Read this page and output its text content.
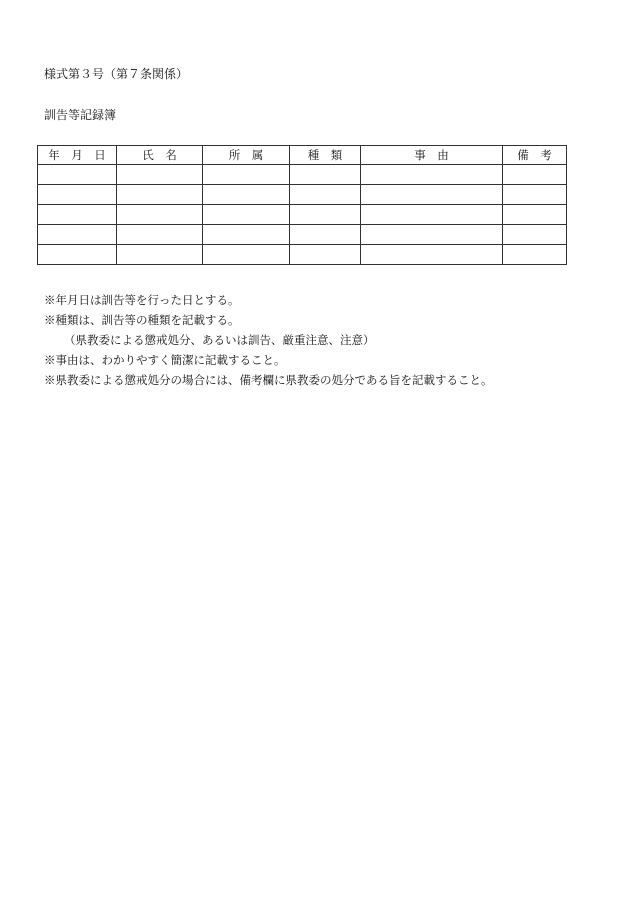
様式第３号（第７条関係）
訓告等記録簿
年　月　日	氏　名	所　属	種　類	事　由	備　考

※年月日は訓告等を行った日とする。
※種類は、訓告等の種類を記載する。
（県教委による懲戒処分、あるいは訓告、厳重注意、注意）
※事由は、わかりやすく簡潔に記載すること。
※県教委による懲戒処分の場合には、備考欄に県教委の処分である旨を記載すること。
